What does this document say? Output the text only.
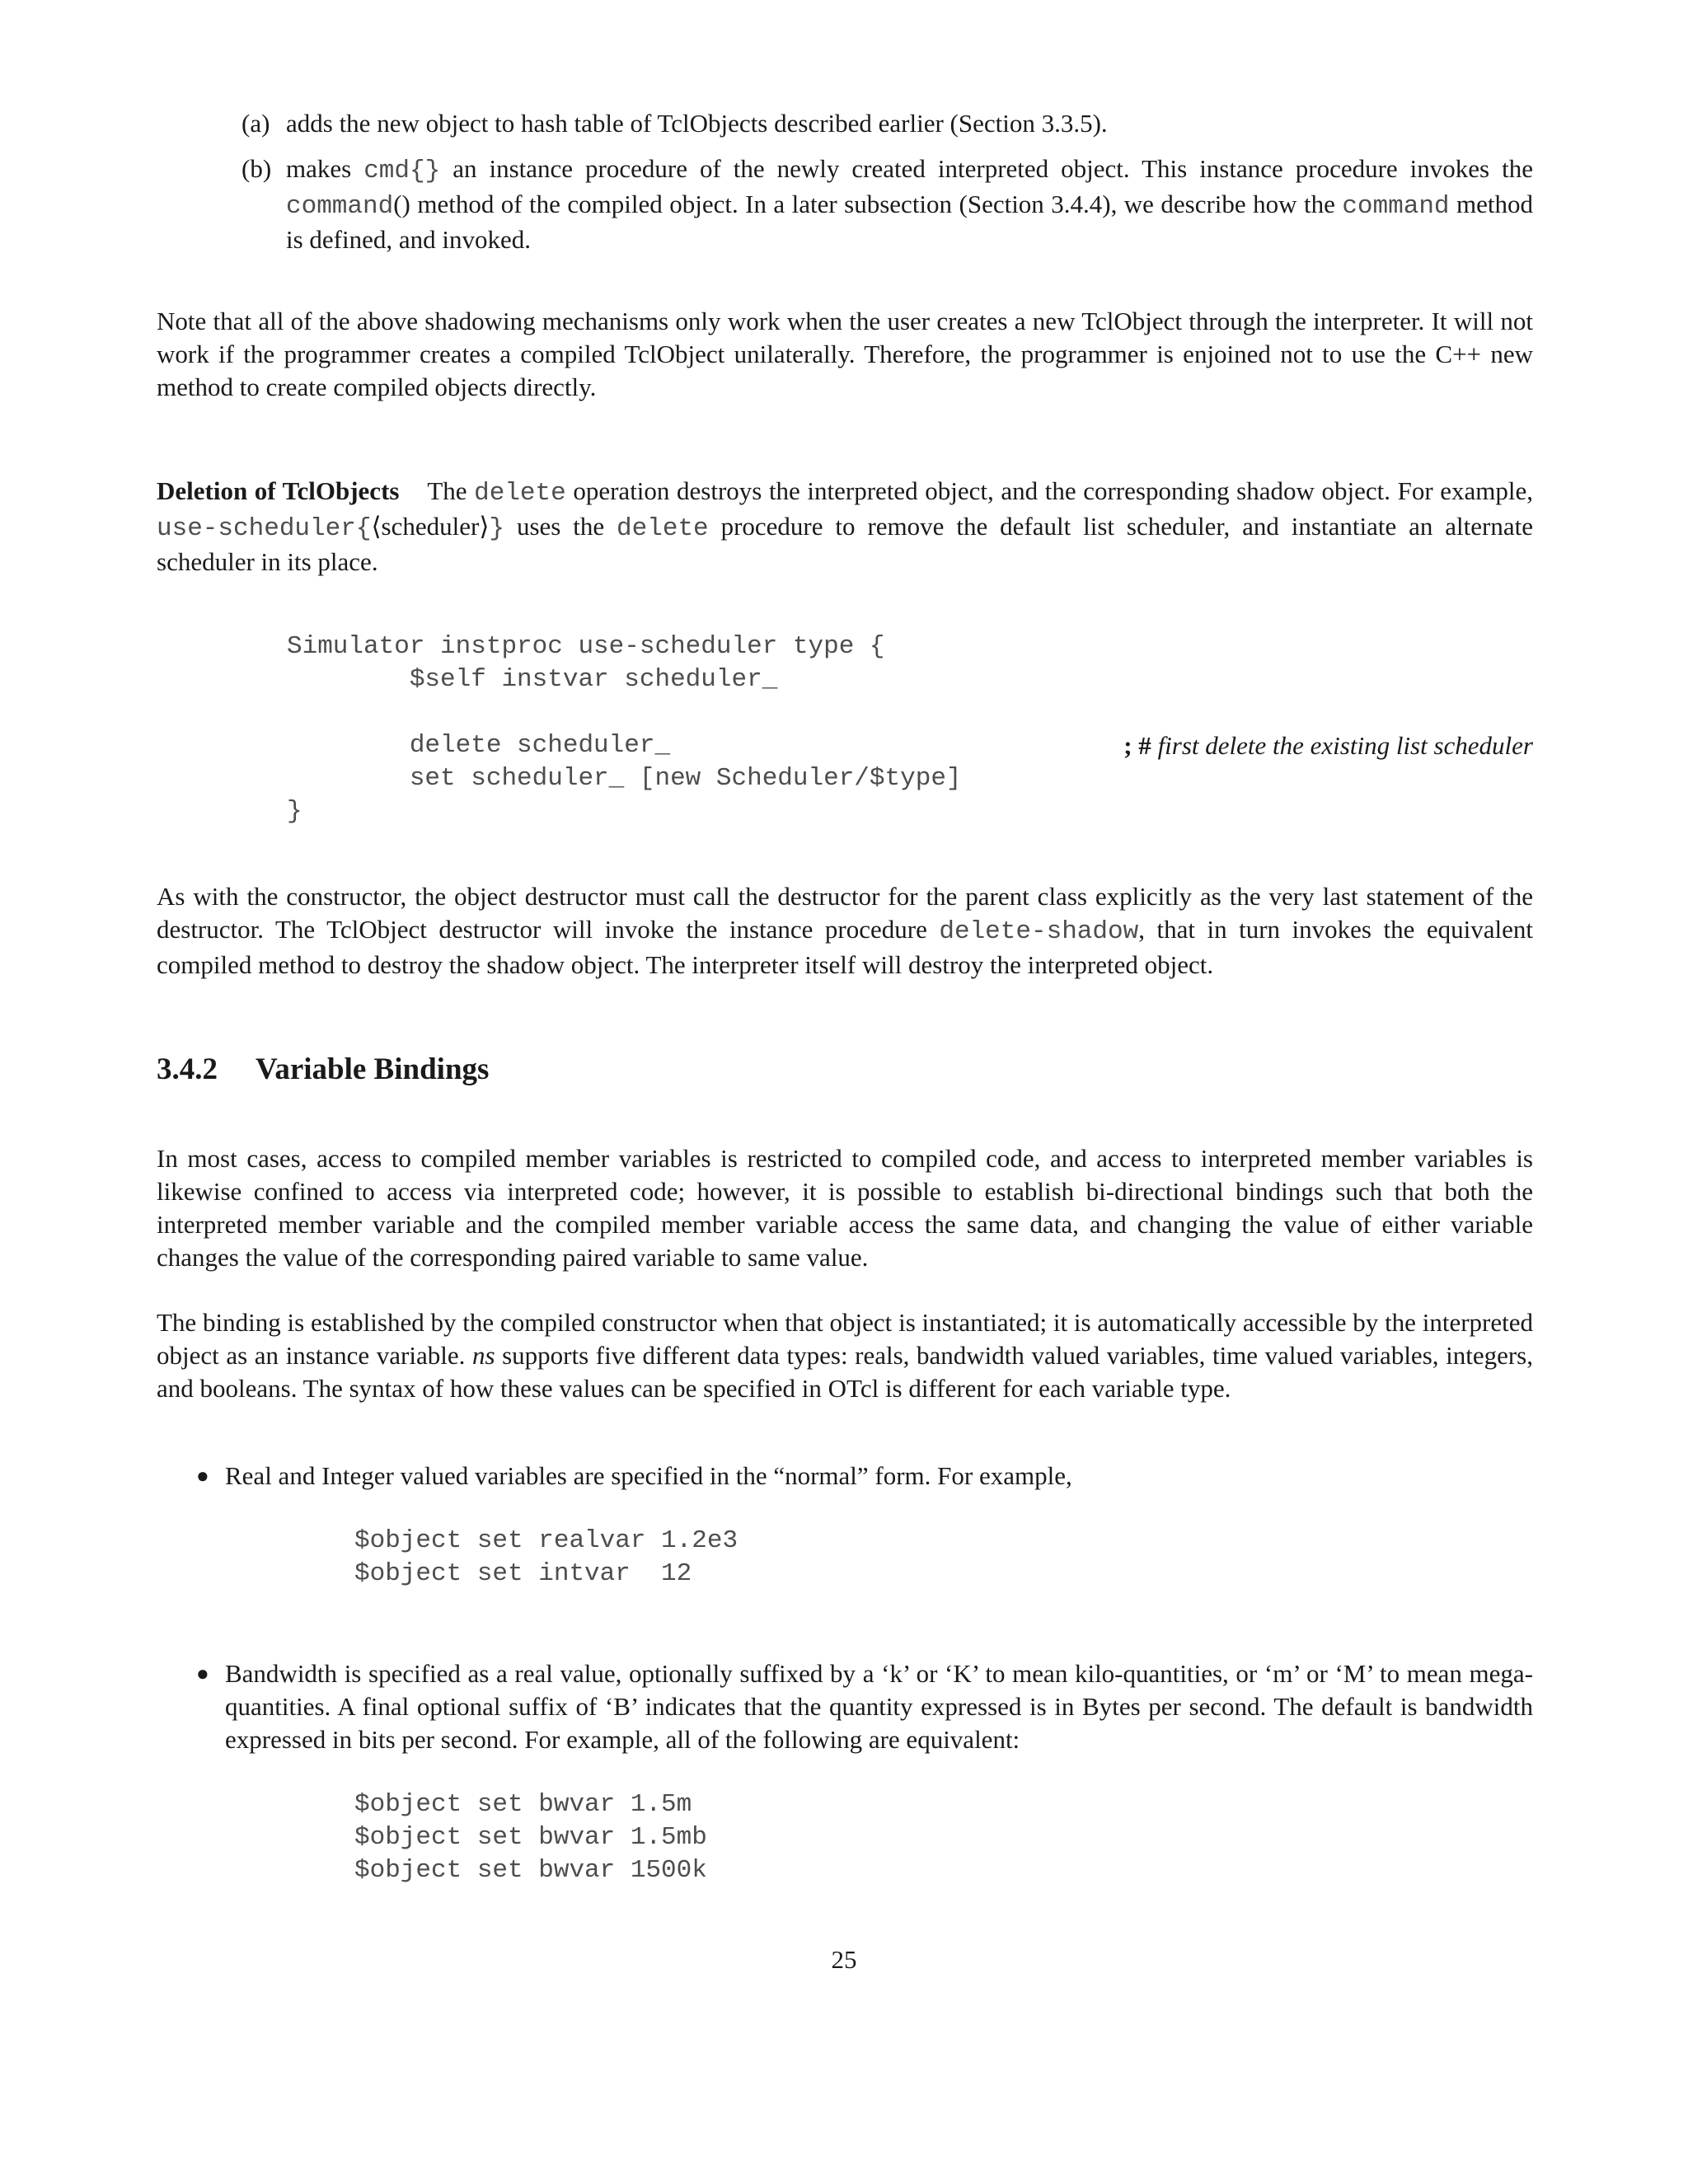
(a) adds the new object to hash table of TclObjects described earlier (Section 3.3.5).
(b) makes cmd{} an instance procedure of the newly created interpreted object. This instance procedure invokes the command() method of the compiled object. In a later subsection (Section 3.4.4), we describe how the command method is defined, and invoked.

Note that all of the above shadowing mechanisms only work when the user creates a new TclObject through the interpreter. It will not work if the programmer creates a compiled TclObject unilaterally. Therefore, the programmer is enjoined not to use the C++ new method to create compiled objects directly.

Deletion of TclObjects The delete operation destroys the interpreted object, and the corresponding shadow object. For example, use-scheduler{⟨scheduler⟩} uses the delete procedure to remove the default list scheduler, and instantiate an alternate scheduler in its place.

Simulator instproc use-scheduler type {
$self instvar scheduler_
delete scheduler_	; # first delete the existing list scheduler
set scheduler_ [new Scheduler/$type]
}

As with the constructor, the object destructor must call the destructor for the parent class explicitly as the very last statement of the destructor. The TclObject destructor will invoke the instance procedure delete-shadow, that in turn invokes the equivalent compiled method to destroy the shadow object. The interpreter itself will destroy the interpreted object.

3.4.2 Variable Bindings

In most cases, access to compiled member variables is restricted to compiled code, and access to interpreted member variables is likewise confined to access via interpreted code; however, it is possible to establish bi-directional bindings such that both the interpreted member variable and the compiled member variable access the same data, and changing the value of either variable changes the value of the corresponding paired variable to same value.

The binding is established by the compiled constructor when that object is instantiated; it is automatically accessible by the interpreted object as an instance variable. ns supports five different data types: reals, bandwidth valued variables, time valued variables, integers, and booleans. The syntax of how these values can be specified in OTcl is different for each variable type.

● Real and Integer valued variables are specified in the “normal” form. For example,
$object set realvar 1.2e3
$object set intvar  12
● Bandwidth is specified as a real value, optionally suffixed by a ‘k’ or ‘K’ to mean kilo-quantities, or ‘m’ or ‘M’ to mean mega-quantities. A final optional suffix of ‘B’ indicates that the quantity expressed is in Bytes per second. The default is bandwidth expressed in bits per second. For example, all of the following are equivalent:
$object set bwvar 1.5m
$object set bwvar 1.5mb
$object set bwvar 1500k
25
